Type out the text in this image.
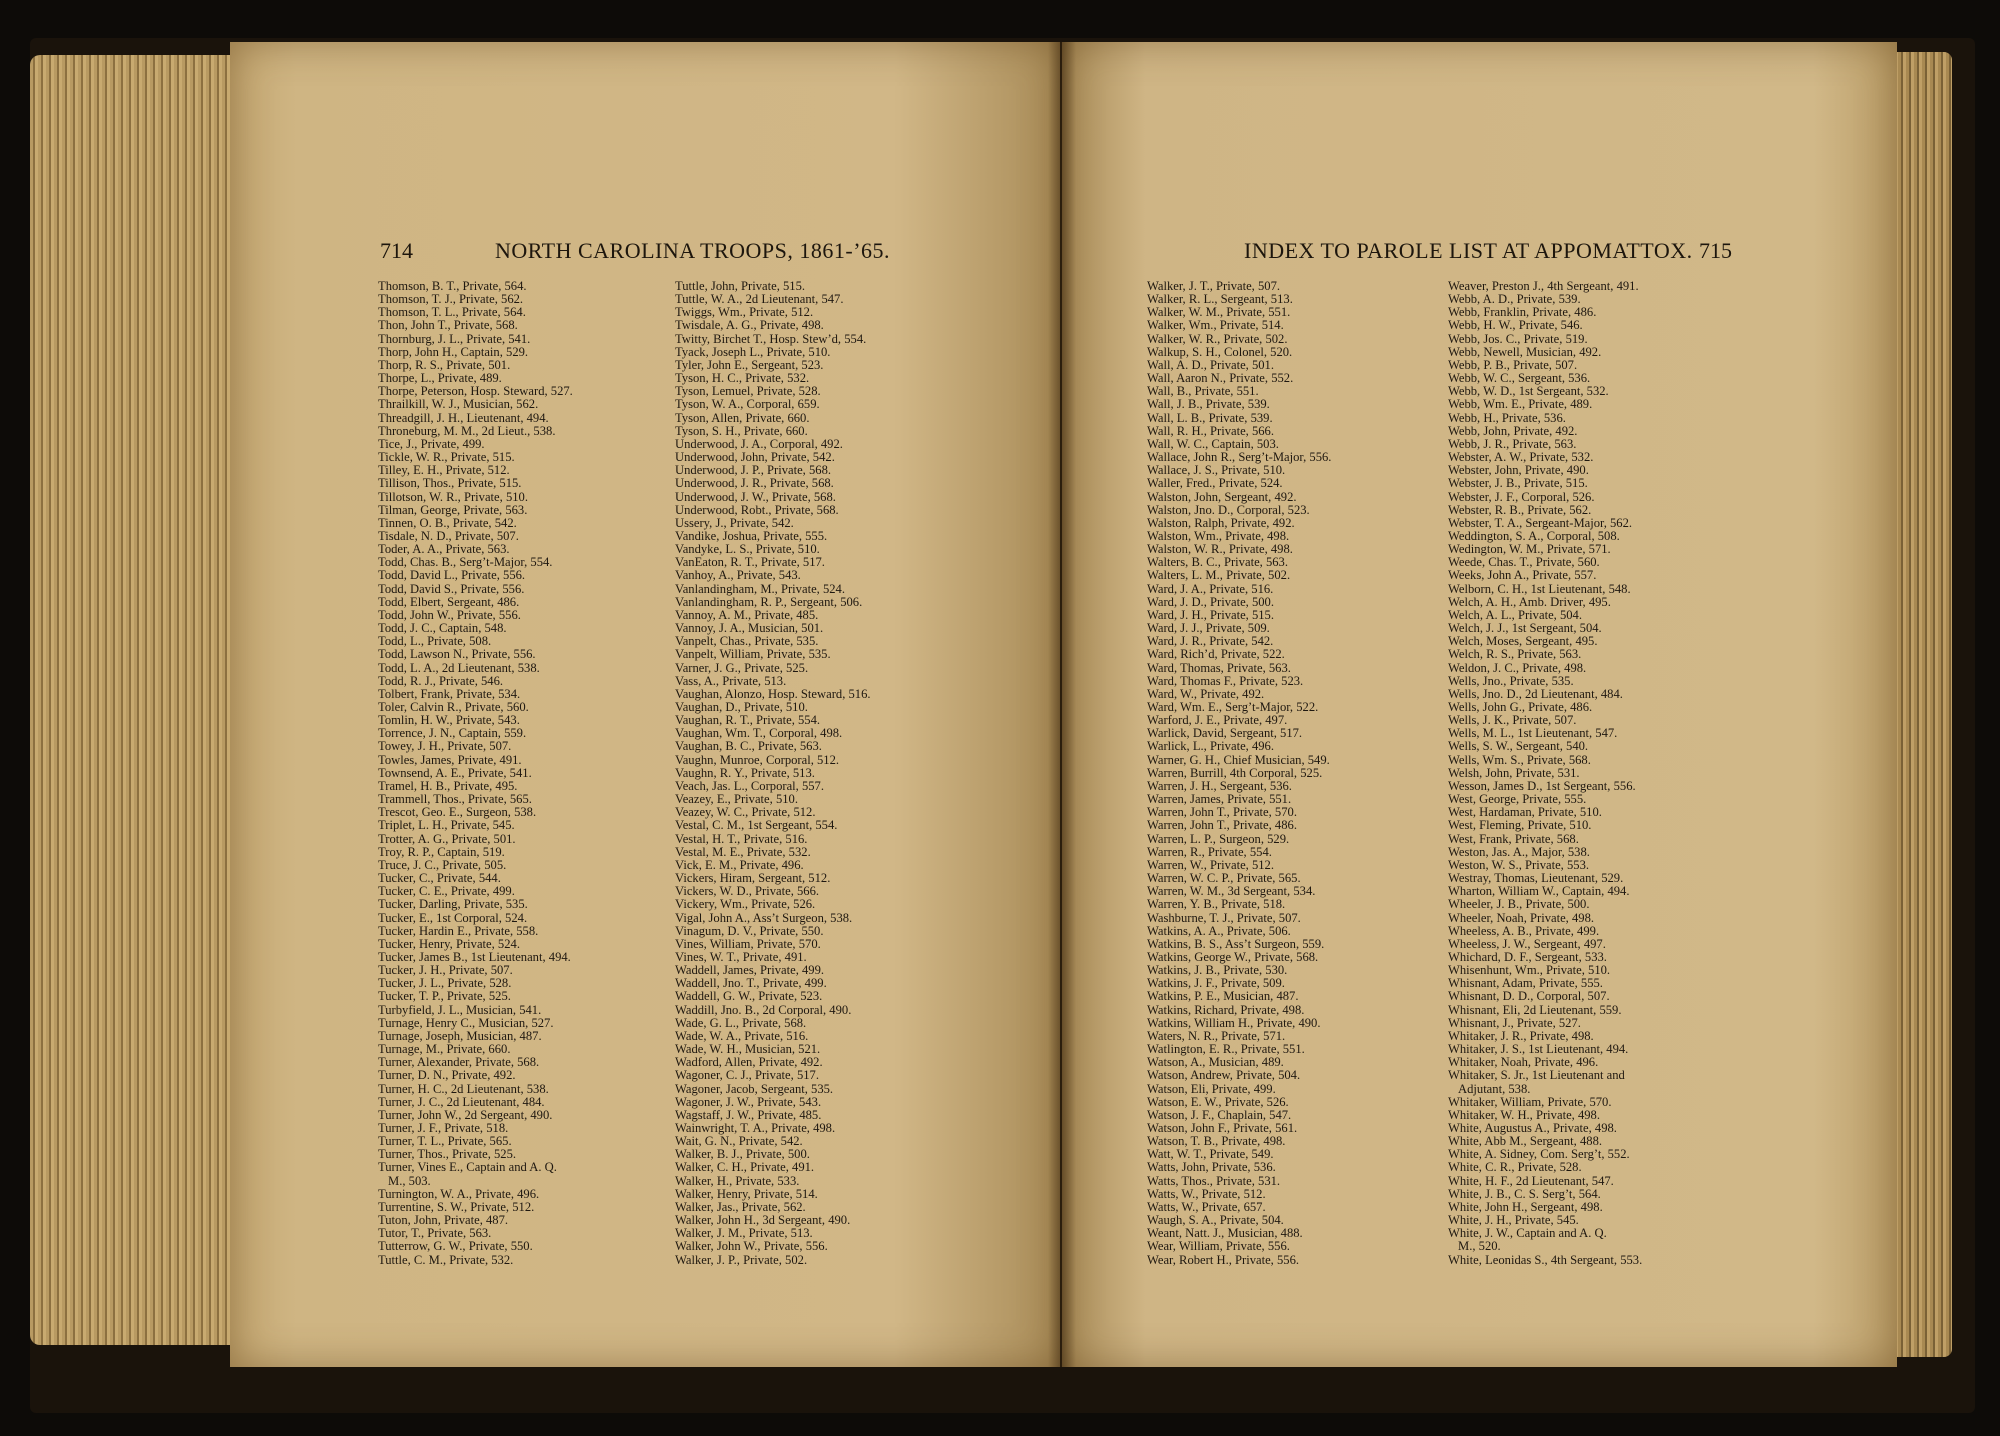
714	NORTH CAROLINA TROOPS, 1861-’65.
Thomson, B. T., Private, 564.
Thomson, T. J., Private, 562.
Thomson, T. L., Private, 564.
Thon, John T., Private, 568.
Thornburg, J. L., Private, 541.
Thorp, John H., Captain, 529.
Thorp, R. S., Private, 501.
Thorpe, L., Private, 489.
Thorpe, Peterson, Hosp. Steward, 527.
Thrailkill, W. J., Musician, 562.
Threadgill, J. H., Lieutenant, 494.
Throneburg, M. M., 2d Lieut., 538.
Tice, J., Private, 499.
Tickle, W. R., Private, 515.
Tilley, E. H., Private, 512.
Tillison, Thos., Private, 515.
Tillotson, W. R., Private, 510.
Tilman, George, Private, 563.
Tinnen, O. B., Private, 542.
Tisdale, N. D., Private, 507.
Toder, A. A., Private, 563.
Todd, Chas. B., Serg’t-Major, 554.
Todd, David L., Private, 556.
Todd, David S., Private, 556.
Todd, Elbert, Sergeant, 486.
Todd, John W., Private, 556.
Todd, J. C., Captain, 548.
Todd, L., Private, 508.
Todd, Lawson N., Private, 556.
Todd, L. A., 2d Lieutenant, 538.
Todd, R. J., Private, 546.
Tolbert, Frank, Private, 534.
Toler, Calvin R., Private, 560.
Tomlin, H. W., Private, 543.
Torrence, J. N., Captain, 559.
Towey, J. H., Private, 507.
Towles, James, Private, 491.
Townsend, A. E., Private, 541.
Tramel, H. B., Private, 495.
Trammell, Thos., Private, 565.
Trescot, Geo. E., Surgeon, 538.
Triplet, L. H., Private, 545.
Trotter, A. G., Private, 501.
Troy, R. P., Captain, 519.
Truce, J. C., Private, 505.
Tucker, C., Private, 544.
Tucker, C. E., Private, 499.
Tucker, Darling, Private, 535.
Tucker, E., 1st Corporal, 524.
Tucker, Hardin E., Private, 558.
Tucker, Henry, Private, 524.
Tucker, James B., 1st Lieutenant, 494.
Tucker, J. H., Private, 507.
Tucker, J. L., Private, 528.
Tucker, T. P., Private, 525.
Turbyfield, J. L., Musician, 541.
Turnage, Henry C., Musician, 527.
Turnage, Joseph, Musician, 487.
Turnage, M., Private, 660.
Turner, Alexander, Private, 568.
Turner, D. N., Private, 492.
Turner, H. C., 2d Lieutenant, 538.
Turner, J. C., 2d Lieutenant, 484.
Turner, John W., 2d Sergeant, 490.
Turner, J. F., Private, 518.
Turner, T. L., Private, 565.
Turner, Thos., Private, 525.
Turner, Vines E., Captain and A. Q.
M., 503.
Turnington, W. A., Private, 496.
Turrentine, S. W., Private, 512.
Tuton, John, Private, 487.
Tutor, T., Private, 563.
Tutterrow, G. W., Private, 550.
Tuttle, C. M., Private, 532.
Tuttle, John, Private, 515.
Tuttle, W. A., 2d Lieutenant, 547.
Twiggs, Wm., Private, 512.
Twisdale, A. G., Private, 498.
Twitty, Birchet T., Hosp. Stew’d, 554.
Tyack, Joseph L., Private, 510.
Tyler, John E., Sergeant, 523.
Tyson, H. C., Private, 532.
Tyson, Lemuel, Private, 528.
Tyson, W. A., Corporal, 659.
Tyson, Allen, Private, 660.
Tyson, S. H., Private, 660.
Underwood, J. A., Corporal, 492.
Underwood, John, Private, 542.
Underwood, J. P., Private, 568.
Underwood, J. R., Private, 568.
Underwood, J. W., Private, 568.
Underwood, Robt., Private, 568.
Ussery, J., Private, 542.
Vandike, Joshua, Private, 555.
Vandyke, L. S., Private, 510.
VanEaton, R. T., Private, 517.
Vanhoy, A., Private, 543.
Vanlandingham, M., Private, 524.
Vanlandingham, R. P., Sergeant, 506.
Vannoy, A. M., Private, 485.
Vannoy, J. A., Musician, 501.
Vanpelt, Chas., Private, 535.
Vanpelt, William, Private, 535.
Varner, J. G., Private, 525.
Vass, A., Private, 513.
Vaughan, Alonzo, Hosp. Steward, 516.
Vaughan, D., Private, 510.
Vaughan, R. T., Private, 554.
Vaughan, Wm. T., Corporal, 498.
Vaughan, B. C., Private, 563.
Vaughn, Munroe, Corporal, 512.
Vaughn, R. Y., Private, 513.
Veach, Jas. L., Corporal, 557.
Veazey, E., Private, 510.
Veazey, W. C., Private, 512.
Vestal, C. M., 1st Sergeant, 554.
Vestal, H. T., Private, 516.
Vestal, M. E., Private, 532.
Vick, E. M., Private, 496.
Vickers, Hiram, Sergeant, 512.
Vickers, W. D., Private, 566.
Vickery, Wm., Private, 526.
Vigal, John A., Ass’t Surgeon, 538.
Vinagum, D. V., Private, 550.
Vines, William, Private, 570.
Vines, W. T., Private, 491.
Waddell, James, Private, 499.
Waddell, Jno. T., Private, 499.
Waddell, G. W., Private, 523.
Waddill, Jno. B., 2d Corporal, 490.
Wade, G. L., Private, 568.
Wade, W. A., Private, 516.
Wade, W. H., Musician, 521.
Wadford, Allen, Private, 492.
Wagoner, C. J., Private, 517.
Wagoner, Jacob, Sergeant, 535.
Wagoner, J. W., Private, 543.
Wagstaff, J. W., Private, 485.
Wainwright, T. A., Private, 498.
Wait, G. N., Private, 542.
Walker, B. J., Private, 500.
Walker, C. H., Private, 491.
Walker, H., Private, 533.
Walker, Henry, Private, 514.
Walker, Jas., Private, 562.
Walker, John H., 3d Sergeant, 490.
Walker, J. M., Private, 513.
Walker, John W., Private, 556.
Walker, J. P., Private, 502.
INDEX TO PAROLE LIST AT APPOMATTOX. 715
Walker, J. T., Private, 507.
Walker, R. L., Sergeant, 513.
Walker, W. M., Private, 551.
Walker, Wm., Private, 514.
Walker, W. R., Private, 502.
Walkup, S. H., Colonel, 520.
Wall, A. D., Private, 501.
Wall, Aaron N., Private, 552.
Wall, B., Private, 551.
Wall, J. B., Private, 539.
Wall, L. B., Private, 539.
Wall, R. H., Private, 566.
Wall, W. C., Captain, 503.
Wallace, John R., Serg’t-Major, 556.
Wallace, J. S., Private, 510.
Waller, Fred., Private, 524.
Walston, John, Sergeant, 492.
Walston, Jno. D., Corporal, 523.
Walston, Ralph, Private, 492.
Walston, Wm., Private, 498.
Walston, W. R., Private, 498.
Walters, B. C., Private, 563.
Walters, L. M., Private, 502.
Ward, J. A., Private, 516.
Ward, J. D., Private, 500.
Ward, J. H., Private, 515.
Ward, J. J., Private, 509.
Ward, J. R., Private, 542.
Ward, Rich’d, Private, 522.
Ward, Thomas, Private, 563.
Ward, Thomas F., Private, 523.
Ward, W., Private, 492.
Ward, Wm. E., Serg’t-Major, 522.
Warford, J. E., Private, 497.
Warlick, David, Sergeant, 517.
Warlick, L., Private, 496.
Warner, G. H., Chief Musician, 549.
Warren, Burrill, 4th Corporal, 525.
Warren, J. H., Sergeant, 536.
Warren, James, Private, 551.
Warren, John T., Private, 570.
Warren, John T., Private, 486.
Warren, L. P., Surgeon, 529.
Warren, R., Private, 554.
Warren, W., Private, 512.
Warren, W. C. P., Private, 565.
Warren, W. M., 3d Sergeant, 534.
Warren, Y. B., Private, 518.
Washburne, T. J., Private, 507.
Watkins, A. A., Private, 506.
Watkins, B. S., Ass’t Surgeon, 559.
Watkins, George W., Private, 568.
Watkins, J. B., Private, 530.
Watkins, J. F., Private, 509.
Watkins, P. E., Musician, 487.
Watkins, Richard, Private, 498.
Watkins, William H., Private, 490.
Waters, N. R., Private, 571.
Watlington, E. R., Private, 551.
Watson, A., Musician, 489.
Watson, Andrew, Private, 504.
Watson, Eli, Private, 499.
Watson, E. W., Private, 526.
Watson, J. F., Chaplain, 547.
Watson, John F., Private, 561.
Watson, T. B., Private, 498.
Watt, W. T., Private, 549.
Watts, John, Private, 536.
Watts, Thos., Private, 531.
Watts, W., Private, 512.
Watts, W., Private, 657.
Waugh, S. A., Private, 504.
Weant, Natt. J., Musician, 488.
Wear, William, Private, 556.
Wear, Robert H., Private, 556.
Weaver, Preston J., 4th Sergeant, 491.
Webb, A. D., Private, 539.
Webb, Franklin, Private, 486.
Webb, H. W., Private, 546.
Webb, Jos. C., Private, 519.
Webb, Newell, Musician, 492.
Webb, P. B., Private, 507.
Webb, W. C., Sergeant, 536.
Webb, W. D., 1st Sergeant, 532.
Webb, Wm. E., Private, 489.
Webb, H., Private, 536.
Webb, John, Private, 492.
Webb, J. R., Private, 563.
Webster, A. W., Private, 532.
Webster, John, Private, 490.
Webster, J. B., Private, 515.
Webster, J. F., Corporal, 526.
Webster, R. B., Private, 562.
Webster, T. A., Sergeant-Major, 562.
Weddington, S. A., Corporal, 508.
Wedington, W. M., Private, 571.
Weede, Chas. T., Private, 560.
Weeks, John A., Private, 557.
Welborn, C. H., 1st Lieutenant, 548.
Welch, A. H., Amb. Driver, 495.
Welch, A. L., Private, 504.
Welch, J. J., 1st Sergeant, 504.
Welch, Moses, Sergeant, 495.
Welch, R. S., Private, 563.
Weldon, J. C., Private, 498.
Wells, Jno., Private, 535.
Wells, Jno. D., 2d Lieutenant, 484.
Wells, John G., Private, 486.
Wells, J. K., Private, 507.
Wells, M. L., 1st Lieutenant, 547.
Wells, S. W., Sergeant, 540.
Wells, Wm. S., Private, 568.
Welsh, John, Private, 531.
Wesson, James D., 1st Sergeant, 556.
West, George, Private, 555.
West, Hardaman, Private, 510.
West, Fleming, Private, 510.
West, Frank, Private, 568.
Weston, Jas. A., Major, 538.
Weston, W. S., Private, 553.
Westray, Thomas, Lieutenant, 529.
Wharton, William W., Captain, 494.
Wheeler, J. B., Private, 500.
Wheeler, Noah, Private, 498.
Wheeless, A. B., Private, 499.
Wheeless, J. W., Sergeant, 497.
Whichard, D. F., Sergeant, 533.
Whisenhunt, Wm., Private, 510.
Whisnant, Adam, Private, 555.
Whisnant, D. D., Corporal, 507.
Whisnant, Eli, 2d Lieutenant, 559.
Whisnant, J., Private, 527.
Whitaker, J. R., Private, 498.
Whitaker, J. S., 1st Lieutenant, 494.
Whitaker, Noah, Private, 496.
Whitaker, S. Jr., 1st Lieutenant and
Adjutant, 538.
Whitaker, William, Private, 570.
Whitaker, W. H., Private, 498.
White, Augustus A., Private, 498.
White, Abb M., Sergeant, 488.
White, A. Sidney, Com. Serg’t, 552.
White, C. R., Private, 528.
White, H. F., 2d Lieutenant, 547.
White, J. B., C. S. Serg’t, 564.
White, John H., Sergeant, 498.
White, J. H., Private, 545.
White, J. W., Captain and A. Q.
M., 520.
White, Leonidas S., 4th Sergeant, 553.
